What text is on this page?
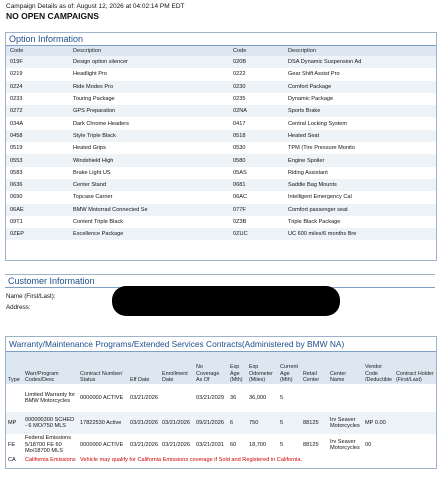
Campaign Details as of: August 12, 2026 at 04:02:14 PM EDT
NO OPEN CAMPAIGNS
Option Information
Code	Description	Code	Description
019F	Design option silencer	020B	DSA Dynamic Suspension Ad
0219	Headlight Pro	0222	Gear Shift Assist Pro
0224	Ride Modes Pro	0230	Comfort Package
0233	Touring Package	0235	Dynamic Package
0272	GPS Preparation	02NA	Sports Brake
034A	Dark Chrome Headers	0417	Central Locking System
0458	Style Triple Black	0518	Heated Seat
0519	Heated Grips	0530	TPM (Tire Pressure Monito
0553	Windshield High	0580	Engine Spoiler
0583	Brake Light US	05AS	Riding Assistant
0636	Center Stand	0681	Saddle Bag Mounts
0690	Topcase Carrier	06AC	Intelligent Emergency Cal
06AE	BMW Motorrad Connected Se	077F	Comfort passenger seat
09T1	Content Triple Black	0Z3B	Triple Black Package
0ZEP	Excellence Package	0ZUC	UC 600 miles/6 months Bre
Customer Information
Name (First/Last):
Address:
Warranty/Maintenance Programs/Extended Services Contracts(Administered by BMW NA)
Type	Warr/Program Codes/Desc	Contract Number/ Status	Eff Date	Enrollment Date	No Coverage As Of	Exp Age (Mth)	Exp Odometer (Miles)	Current Age (Mth)	Retail Center	Center Name	Vendor Code /Deductible	Contract Holder (First/Last)
	Limited Warranty for BMW Motorcycles	0000000 ACTIVE	03/21/2026		03/21/2029	36	36,000	5				
MP	000000300 SCHED - 6 MO/750 MLS	17822530 Active	03/21/2026	03/21/2026	09/21/2026	6	750	5	88125	Irv Seaver Motorcycles	MP 0.00	
FE	Federal Emissions 5/18700 FE 60 Mo/18700 MLS	0000000 ACTIVE	03/21/2026	03/21/2026	03/21/2031	60	18,700	5	88125	Irv Seaver Motorcycles	00	
CA	California Emissions	Vehicle may qualify for California Emissions coverage if Sold and Registered in California.										
